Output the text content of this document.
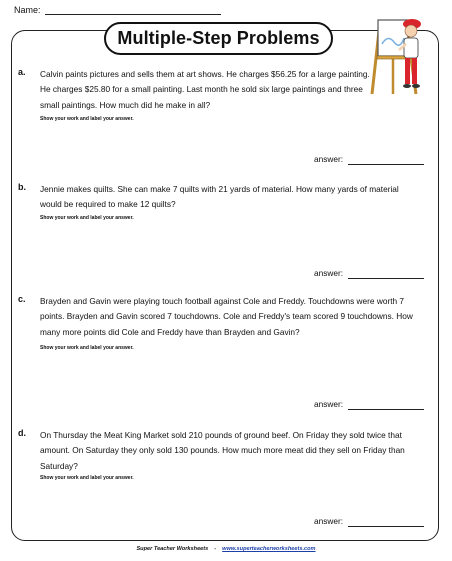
Name:
Multiple-Step Problems
a. Calvin paints pictures and sells them at art shows. He charges $56.25 for a large painting. He charges $25.80 for a small painting. Last month he sold six large paintings and three small paintings. How much did he make in all?
Show your work and label your answer.
answer:
b. Jennie makes quilts. She can make 7 quilts with 21 yards of material. How many yards of material would be required to make 12 quilts?
Show your work and label your answer.
answer:
c. Brayden and Gavin were playing touch football against Cole and Freddy. Touchdowns were worth 7 points. Brayden and Gavin scored 7 touchdowns. Cole and Freddy's team scored 9 touchdowns. How many more points did Cole and Freddy have than Brayden and Gavin?
Show your work and label your answer.
answer:
d. On Thursday the Meat King Market sold 210 pounds of ground beef. On Friday they sold twice that amount. On Saturday they only sold 130 pounds. How much more meat did they sell on Friday than Saturday?
Show your work and label your answer.
answer:
Super Teacher Worksheets - www.superteacherworksheets.com
